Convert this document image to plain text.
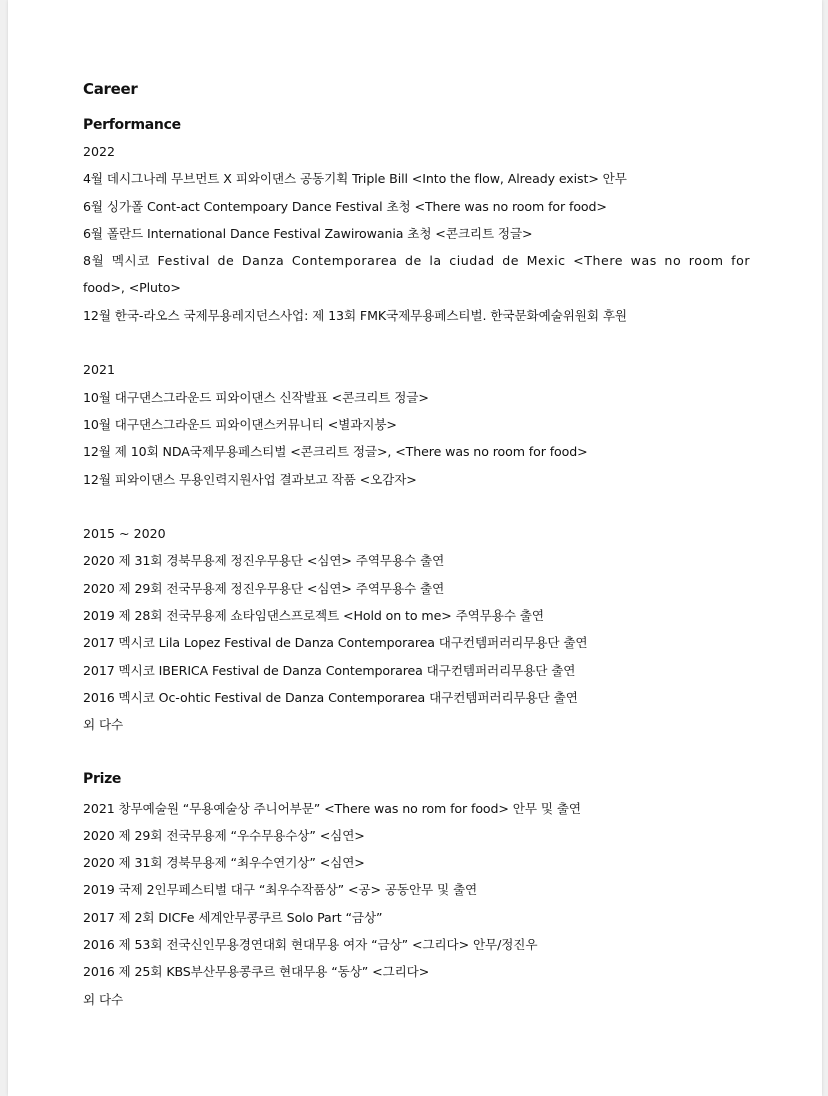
Career
Performance
2022
4월 데시그나레 무브먼트 X 피와이댄스 공동기획 Triple Bill <Into the flow, Already exist> 안무
6월 싱가폴 Cont-act Contempoary Dance Festival 초청 <There was no room for food>
6월 폴란드 International Dance Festival Zawirowania 초청 <콘크리트 정글>
8월 멕시코 Festival de Danza Contemporarea de la ciudad de Mexic <There was no room for
food>, <Pluto>
12월 한국-라오스 국제무용레지던스사업: 제 13회 FMK국제무용페스티벌. 한국문화예술위원회 후원
2021
10월 대구댄스그라운드 피와이댄스 신작발표 <콘크리트 정글>
10월 대구댄스그라운드 피와이댄스커뮤니티 <별과지붕>
12월 제 10회 NDA국제무용페스티벌 <콘크리트 정글>, <There was no room for food>
12월 피와이댄스 무용인력지원사업 결과보고 작품 <오감자>
2015 ~ 2020
2020 제 31회 경북무용제 정진우무용단 <심연> 주역무용수 출연
2020 제 29회 전국무용제 정진우무용단 <심연> 주역무용수 출연
2019 제 28회 전국무용제 쇼타임댄스프로젝트 <Hold on to me> 주역무용수 출연
2017 멕시코 Lila Lopez Festival de Danza Contemporarea 대구컨템퍼러리무용단 출연
2017 멕시코 IBERICA Festival de Danza Contemporarea 대구컨템퍼러리무용단 출연
2016 멕시코 Oc-ohtic Festival de Danza Contemporarea 대구컨템퍼러리무용단 출연
외 다수
Prize
2021 창무예술원 “무용예술상 주니어부문” <There was no rom for food> 안무 및 출연
2020 제 29회 전국무용제 “우수무용수상” <심연>
2020 제 31회 경북무용제 “최우수연기상” <심연>
2019 국제 2인무페스티벌 대구 “최우수작품상” <공> 공동안무 및 출연
2017 제 2회 DICFe 세계안무콩쿠르 Solo Part “금상”
2016 제 53회 전국신인무용경연대회 현대무용 여자 “금상” <그리다> 안무/정진우
2016 제 25회 KBS부산무용콩쿠르 현대무용 “동상” <그리다>
외 다수
